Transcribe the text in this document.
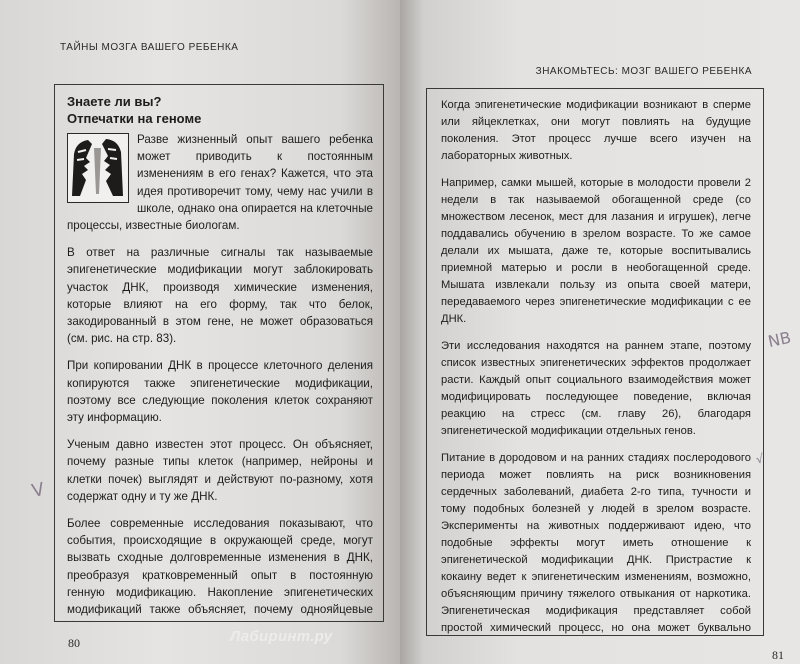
ТАЙНЫ МОЗГА ВАШЕГО РЕБЕНКА
Знаете ли вы?
Отпечатки на геноме

Разве жизненный опыт вашего ребенка может приводить к постоянным изменениям в его генах? Кажется, что эта идея противоречит тому, чему нас учили в школе, однако она опирается на клеточные процессы, известные биологам.

В ответ на различные сигналы так называемые эпигенетические модификации могут заблокировать участок ДНК, производя химические изменения, которые влияют на его форму, так что белок, закодированный в этом гене, не может образоваться (см. рис. на стр. 83).

При копировании ДНК в процессе клеточного деления копируются также эпигенетические модификации, поэтому все следующие поколения клеток сохраняют эту информацию.

Ученым давно известен этот процесс. Он объясняет, почему разные типы клеток (например, нейроны и клетки почек) выглядят и действуют по-разному, хотя содержат одну и ту же ДНК.

Более современные исследования показывают, что события, происходящие в окружающей среде, могут вызвать сходные долговременные изменения в ДНК, преобразуя кратковременный опыт в постоянную генную модификацию. Накопление эпигенетических модификаций также объясняет, почему однояйцевые

80
V
ЗНАКОМЬТЕСЬ: МОЗГ ВАШЕГО РЕБЕНКА

Когда эпигенетические модификации возникают в сперме или яйцеклетках, они могут повлиять на будущие поколения. Этот процесс лучше всего изучен на лабораторных животных.

Например, самки мышей, которые в молодости провели 2 недели в так называемой обогащенной среде (со множеством лесенок, мест для лазания и игрушек), легче поддавались обучению в зрелом возрасте. То же самое делали их мышата, даже те, которые воспитывались приемной матерью и росли в необогащенной среде. Мышата извлекали пользу из опыта своей матери, передаваемого через эпигенетические модификации с ее ДНК.

Эти исследования находятся на раннем этапе, поэтому список известных эпигенетических эффектов продолжает расти. Каждый опыт социального взаимодействия может модифицировать последующее поведение, включая реакцию на стресс (см. главу 26), благодаря эпигенетической модификации отдельных генов.

Питание в дородовом и на ранних стадиях послеродового периода может повлиять на риск возникновения сердечных заболеваний, диабета 2-го типа, тучности и тому подобных болезней у людей в зрелом возрасте. Эксперименты на животных поддерживают идею, что подобные эффекты могут иметь отношение к эпигенетической модификации ДНК. Пристрастие к кокаину ведет к эпигенетическим изменениям, возможно, объясняющим причину тяжелого отвыкания от наркотика. Эпигенетическая модификация представляет собой простой химический процесс, но она может буквально

81
NB
√
Лабиринт.ру
